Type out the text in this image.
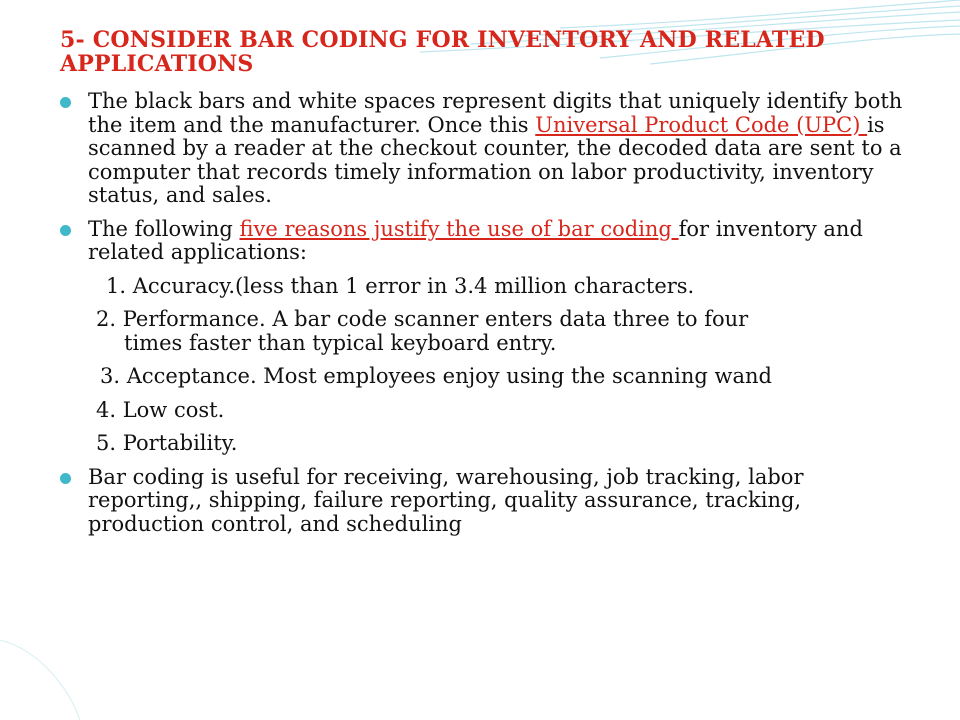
5- CONSIDER BAR CODING FOR INVENTORY AND RELATED APPLICATIONS
The black bars and white spaces represent digits that uniquely identify both the item and the manufacturer. Once this Universal Product Code (UPC) is scanned by a reader at the checkout counter, the decoded data are sent to a computer that records timely information on labor productivity, inventory status, and sales.
The following five reasons justify the use of bar coding for inventory and related applications:
1. Accuracy.(less than 1 error in 3.4 million characters.
2. Performance. A bar code scanner enters data three to four
times faster than typical keyboard entry.
3. Acceptance. Most employees enjoy using the scanning wand
4. Low cost.
5. Portability.
Bar coding is useful for receiving, warehousing, job tracking, labor reporting,, shipping, failure reporting, quality assurance, tracking, production control, and scheduling
